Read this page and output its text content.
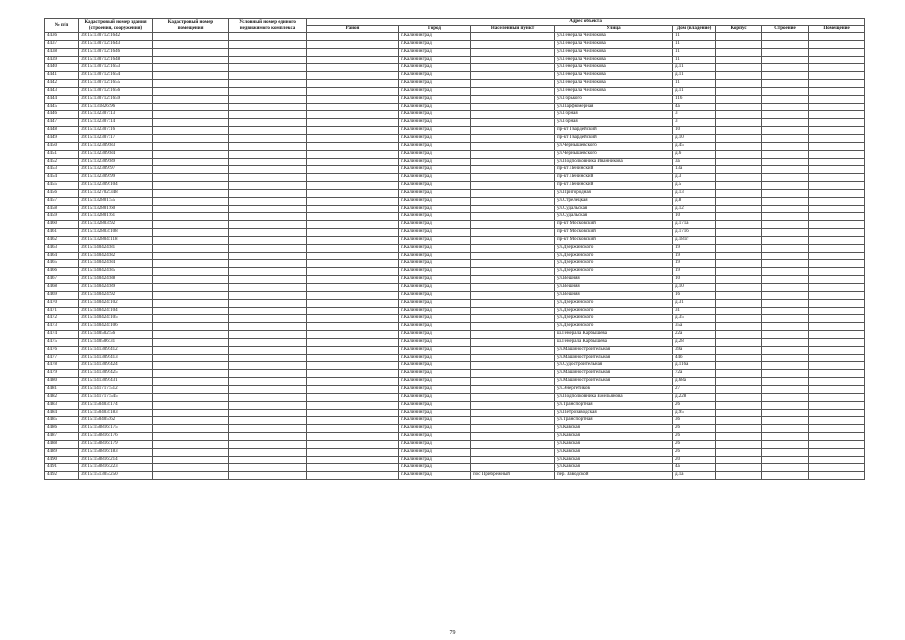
№ п/п	Кадастровый номер здания (строения, сооружения)	Кадастровый номер помещения	Условный номер единого недвижимого комплекса	Адрес объекта							
				Район	Город	Населенный пункт	Улица	Дом (владение)	Корпус	Строение	Помещение

4436	39:15:130712:1642				г.Калининград		ул.Генерала Челнокова	11			
4437	39:15:130712:1643				г.Калининград		ул.Генерала Челнокова	11			
4438	39:15:130712:1646				г.Калининград		ул.Генерала Челнокова	11			
4439	39:15:130712:1648				г.Калининград		ул.Генерала Челнокова	11			
4440	39:15:130712:1653				г.Калининград		ул.Генерала Челнокова	д.11			
4441	39:15:130712:1654				г.Калининград		ул.Генерала Челнокова	д.11			
4442	39:15:130712:1655				г.Калининград		ул.Генерала Челнокова	11			
4443	39:15:130712:1656				г.Калининград		ул.Генерала Челнокова	д.11			
4444	39:15:130712:1659				г.Калининград		ул.Горького	116			
4445	39:15:131826:96				г.Калининград		ул.Парфюмерная	4а			
4446	39:15:132307:13				г.Калининград		ул.Горная	3			
4447	39:15:132307:14				г.Калининград		ул.Горная	3			
4448	39:15:132307:16				г.Калининград		пр-кт Гвардейский	10			
4449	39:15:132307:17				г.Калининград		пр-кт Гвардейский	д.10			
4450	39:15:132309:83				г.Калининград		ул.Чернышевского	д.45			
4451	39:15:132309:84				г.Калининград		ул.Чернышевского	д.6			
4452	39:15:132309:89				г.Калининград		ул.Подполковника Иванникова	3а			
4453	39:15:132309:97				г.Калининград		пр-кт Ленинский	13а			
4454	39:15:132309:99				г.Калининград		пр-кт Ленинский	д.3			
4455	39:15:132309:104				г.Калининград		пр-кт Ленинский	д.5			
4456	39:15:132702:348				г.Калининград		ул.Пригородная	д.13			
4457	39:15:132801:55				г.Калининград		ул.Стрелецкая	д.8			
4458	39:15:132801:60				г.Калининград		ул.Судальская	д.12			
4459	39:15:132801:61				г.Калининград		ул.Судальская	10			
4460	39:15:132803:92				г.Калининград		пр-кт Московский	д.171а			
4461	39:15:132803:108				г.Калининград		пр-кт Московский	д.171б			
4462	39:15:132804:118				г.Калининград		пр-кт Московский	д.181г			
4463	39:15:140424:81				г.Калининград		ул.Дзержинского	19			
4464	39:15:140424:82				г.Калининград		ул.Дзержинского	19			
4465	39:15:140424:84				г.Калининград		ул.Дзержинского	19			
4466	39:15:140424:85				г.Калининград		ул.Дзержинского	19			
4467	39:15:140424:88				г.Калининград		ул.Вешняя	10			
4468	39:15:140424:89				г.Калининград		ул.Вешняя	д.10			
4469	39:15:140424:92				г.Калининград		ул.Вешняя	16			
4470	39:15:140424:102				г.Калининград		ул.Дзержинского	д.31			
4471	39:15:140424:104				г.Калининград		ул.Дзержинского	31			
4472	39:15:140424:105				г.Калининград		ул.Дзержинского	д.35			
4473	39:15:140424:106				г.Калининград		ул.Дзержинского	35а			
4474	39:15:140502:56				г.Калининград		ш.Генерала Карбышева	22а			
4475	39:15:140506:31				г.Калининград		ш.Генерала Карбышева	д.28			
4476	39:15:141309:412				г.Калининград		ул.Машиностроительная	39а			
4477	39:15:141309:413				г.Калининград		ул.Машиностроительная	44б			
4478	39:15:141309:424				г.Калининград		ул.Судостроительная	д.116а			
4479	39:15:141309:425				г.Калининград		ул.Машиностроительная	72а			
4480	39:15:141309:431				г.Калининград		ул.Машиностроительная	д.68а			
4481	39:15:141717:512				г.Калининград		ул.Энергетиков	27			
4482	39:15:141717:545				г.Калининград		ул.Подполковника Емельянова	д.228			
4483	39:15:150403:174				г.Калининград		ул.Транспортная	26			
4484	39:15:150403:183				г.Калининград		ул.Петрозаводская	д.95			
4485	39:15:150405:62				г.Калининград		ул.Транспортная	36			
4486	39:15:150816:175				г.Калининград		ул.Кавская	26			
4487	39:15:150816:176				г.Калининград		ул.Кавская	26			
4488	39:15:150816:179				г.Калининград		ул.Кавская	26			
4489	39:15:150816:183				г.Калининград		ул.Кавская	26			
4490	39:15:150816:214				г.Калининград		ул.Кавская	20			
4491	39:15:150816:223				г.Калининград		ул.Кавская	4а			
4492	39:15:151305:250				г.Калининград	пос Прибрежный	пер. Заводской	д.1а			
79
